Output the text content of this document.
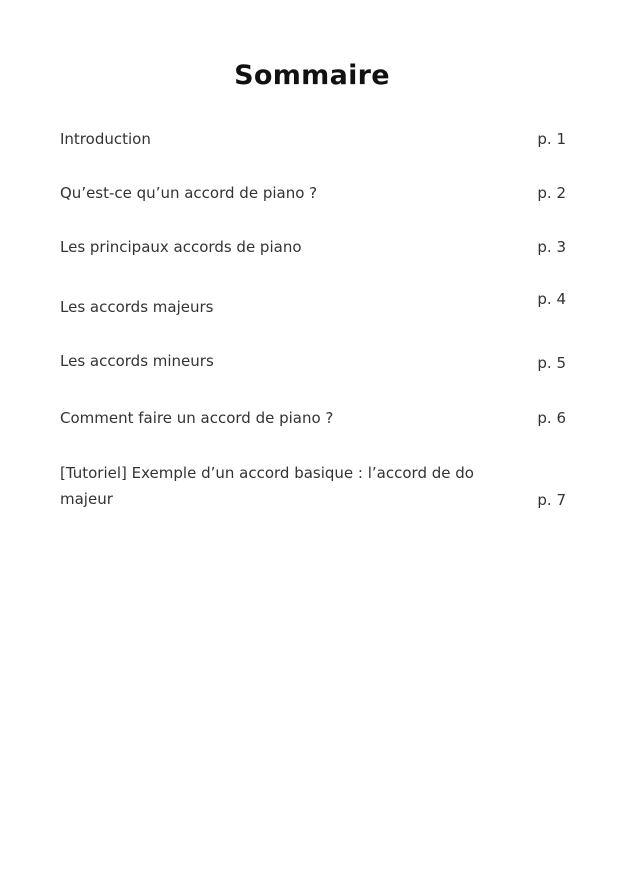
Sommaire
Introduction	p. 1
Qu’est-ce qu’un accord de piano ?	p. 2
Les principaux accords de piano	p. 3
Les accords majeurs	p. 4
Les accords mineurs	p. 5
Comment faire un accord de piano ?	p. 6
[Tutoriel] Exemple d’un accord basique : l’accord de do majeur	p. 7
